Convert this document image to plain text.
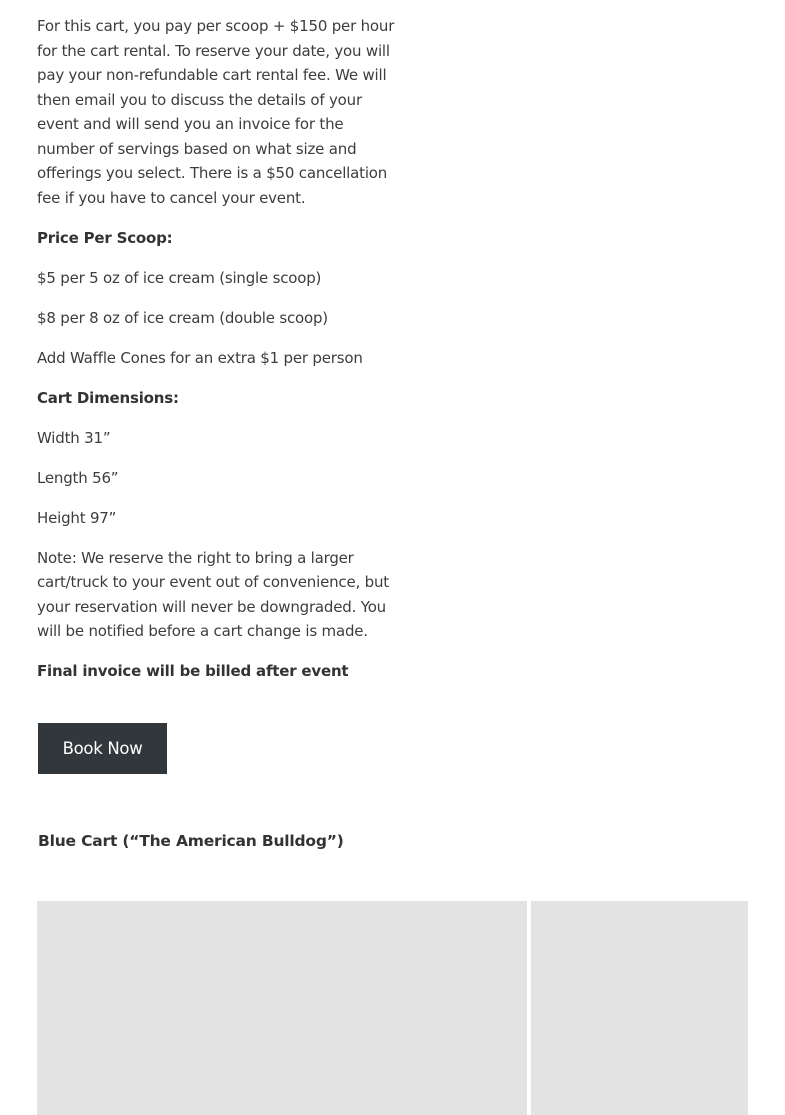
For this cart, you pay per scoop + $150 per hour for the cart rental. To reserve your date, you will pay your non-refundable cart rental fee. We will then email you to discuss the details of your event and will send you an invoice for the number of servings based on what size and offerings you select. There is a $50 cancellation fee if you have to cancel your event.

Price Per Scoop:

$5 per 5 oz of ice cream (single scoop)

$8 per 8 oz of ice cream (double scoop)

Add Waffle Cones for an extra $1 per person

Cart Dimensions:

Width 31”

Length 56”

Height 97”

Note: We reserve the right to bring a larger cart/truck to your event out of convenience, but your reservation will never be downgraded. You will be notified before a cart change is made.

Final invoice will be billed after event

Book Now
Blue Cart (“The American Bulldog”)
